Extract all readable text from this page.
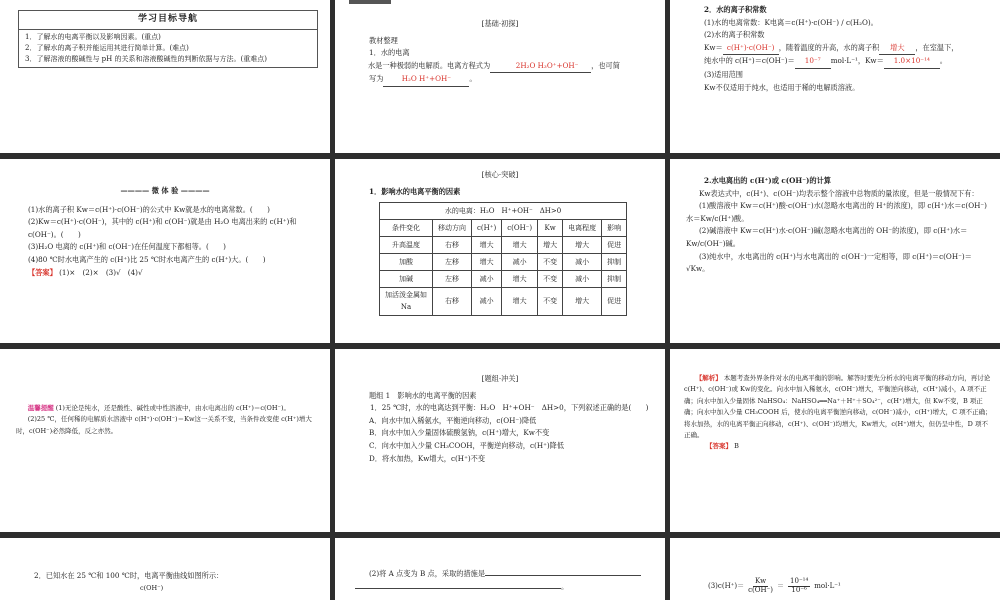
学习目标导航
1．了解水的电离平衡以及影响因素。(重点)
2．了解水的离子积并能运用其进行简单计算。(难点)
3．了解溶液的酸碱性与 pH 的关系和溶液酸碱性的判断依据与方法。(重难点)
[基础·初探]

教材整理

1．水的电离

水是一种极弱的电解质。电离方程式为	2H₂O H₃O⁺+OH⁻ ，也可简

写为	H₂O H⁺+OH⁻	。

2．水的离子积常数

(1)水的电离常数：K电离＝c(H⁺)·c(OH⁻) / c(H₂O)。

(2)水的离子积常数

Kw＝ c(H⁺)·c(OH⁻) ，随着温度的升高，水的离子积 增大 ，在室温下，

纯水中的 c(H⁺)＝c(OH⁻)＝ 10⁻⁷ mol·L⁻¹，Kw＝ 1.0×10⁻¹⁴ 。

(3)适用范围

Kw不仅适用于纯水，也适用于稀的电解质溶液。

———— 微 体 验 ————

(1)水的离子积 Kw＝c(H⁺)·c(OH⁻)的公式中 Kw就是水的电离常数。(　　)

(2)Kw＝c(H⁺)·c(OH⁻)，其中的 c(H⁺)和 c(OH⁻)就是由 H₂O 电离出来的 c(H⁺)和 c(OH⁻)。(　　)

(3)H₂O 电离的 c(H⁺)和 c(OH⁻)在任何温度下都相等。(　　)

(4)80 ℃时水电离产生的 c(H⁺)比 25 ℃时水电离产生的 c(H⁺)大。(　　)

【答案】 (1)×　(2)×　(3)√　(4)√

[核心·突破]

1．影响水的电离平衡的因素

水的电离：H₂O　H⁺+OH⁻　ΔH>0						
条件变化	移动方向	c(H⁺)	c(OH⁻)	Kw	电离程度	影响
升高温度	右移	增大	增大	增大	增大	促进
加酸	左移	增大	减小	不变	减小	抑制
加碱	左移	减小	增大	不变	减小	抑制
加活泼金属如 Na	右移	减小	增大	不变	增大	促进

2.水电离出的 c(H⁺)或 c(OH⁻)的计算

Kw表达式中，c(H⁺)、c(OH⁻)均表示整个溶液中总物质的量浓度，但是一般情况下有：

(1)酸溶液中 Kw＝c(H⁺)酸·c(OH⁻)水(忽略水电离出的 H⁺的浓度)，即 c(H⁺)水＝c(OH⁻)水＝Kw/c(H⁺)酸。

(2)碱溶液中 Kw＝c(H⁺)水·c(OH⁻)碱(忽略水电离出的 OH⁻的浓度)，即 c(H⁺)水＝Kw/c(OH⁻)碱。

(3)纯水中，水电离出的 c(H⁺)与水电离出的 c(OH⁻)一定相等，即 c(H⁺)＝c(OH⁻)＝√Kw。

温馨提醒 (1)无论是纯水，还是酸性、碱性或中性溶液中，由水电离出的 c(H⁺)＝c(OH⁻)。

(2)25 ℃，任何稀的电解质水溶液中 c(H⁺)·c(OH⁻)＝Kw这一关系不变，当条件改变使 c(H⁺)增大时，c(OH⁻)必然降低，反之亦然。

[题组·冲关]

题组 1　影响水的电离平衡的因素

1．25 ℃时，水的电离达到平衡：H₂O　H⁺+OH⁻　ΔH>0，下列叙述正确的是(　　)

A．向水中加入稀氨水，平衡逆向移动，c(OH⁻)降低

B．向水中加入少量固体硫酸氢钠，c(H⁺)增大，Kw不变

C．向水中加入少量 CH₃COOH，平衡逆向移动，c(H⁺)降低

D．将水加热，Kw增大，c(H⁺)不变

【解析】 本题考查外界条件对水的电离平衡的影响。解答时要先分析水的电离平衡的移动方向，再讨论 c(H⁺)、c(OH⁻)或 Kw的变化。向水中加入稀氨水，c(OH⁻)增大，平衡逆向移动，c(H⁺)减小，A 项不正确；向水中加入少量固体 NaHSO₄：NaHSO₄══Na⁺＋H⁺＋SO₄²⁻，c(H⁺)增大，但 Kw不变，B 项正确；向水中加入少量 CH₃COOH 后，使水的电离平衡逆向移动，c(OH⁻)减小，c(H⁺)增大，C 项不正确；将水加热，水的电离平衡正向移动，c(H⁺)、c(OH⁻)均增大，Kw增大，c(H⁺)增大，但仍呈中性，D 项不正确。

【答案】 B

2．已知水在 25 ℃和 100 ℃时，电离平衡曲线如图所示：

c(OH⁻)

(2)将 A 点变为 B 点，采取的措施是

。	(3)c(H⁺)＝
Kw
c(OH⁻) ＝
10⁻¹⁴
10⁻⁶ mol·L⁻¹
